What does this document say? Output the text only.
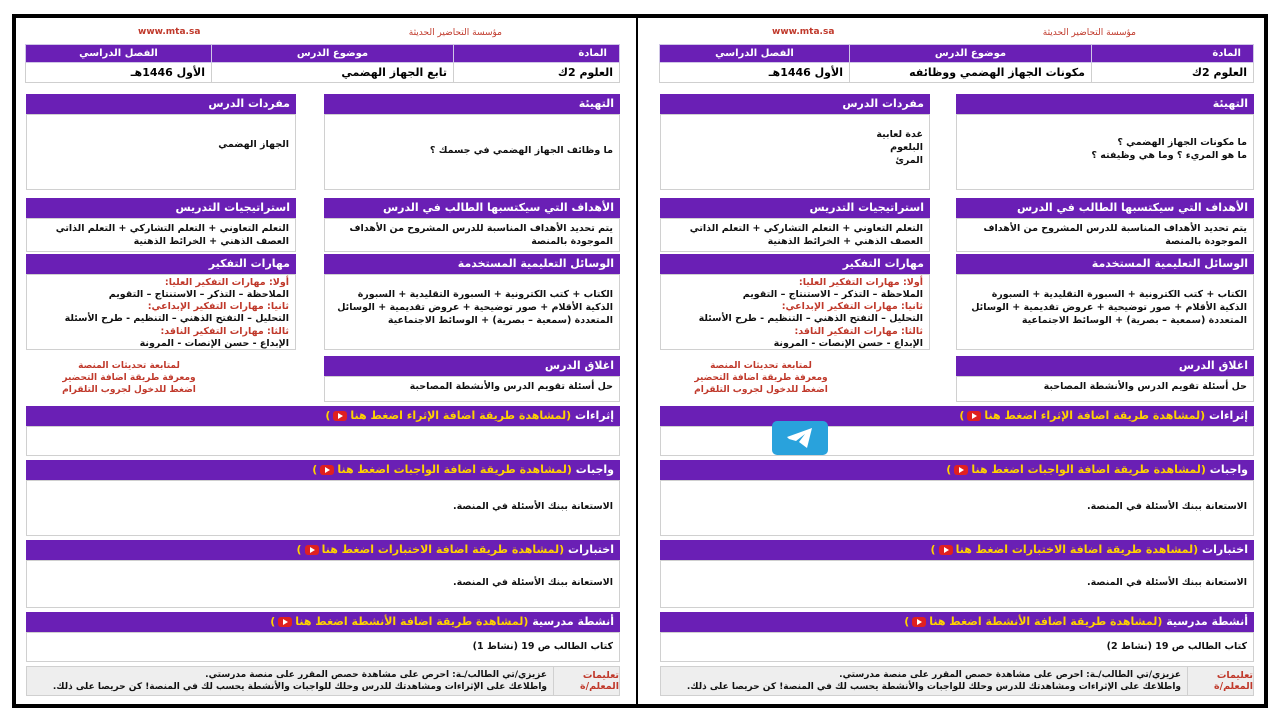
مؤسسة التحاضير الحديثة
www.mta.sa
المادة	موضوع الدرس	الفصل الدراسي
العلوم 2ك	مكونات الجهاز الهضمي ووظائفه	الأول 1446هـ
التهيئة
ما مكونات الجهاز الهضمي ؟
ما هو المريء ؟ وما هي وظيفته ؟
مفردات الدرس
غدة لعابية
البلعوم
المرئ
الأهداف التي سيكتسبها الطالب في الدرس
يتم تحديد الأهداف المناسبة للدرس المشروح من الأهداف الموجودة بالمنصة
استراتيجيات التدريس
التعلم التعاوني + التعلم التشاركي + التعلم الذاتي العصف الذهني + الخرائط الذهنية
الوسائل التعليمية المستخدمة
الكتاب + كتب الكترونية + السبورة التقليدية + السبورة الذكية الأقلام + صور توضيحية + عروض تقديمية + الوسائل المتعددة (سمعية – بصرية) + الوسائط الاجتماعية
مهارات التفكير
أولا: مهارات التفكير العليا:
الملاحظة – التذكر – الاستنتاج – التقويم
ثانيا: مهارات التفكير الإبداعي:
التحليل – التفتح الذهني – التنظيم - طرح الأسئلة
ثالثا: مهارات التفكير الناقد:
الإبداع - حسن الإنصات - المرونة
اغلاق الدرس
حل أسئلة تقويم الدرس والأنشطة المصاحبة
لمتابعة تحديثات المنصة
ومعرفة طريقة اضافة التحضير
اضغط للدخول لجروب التلقرام
إثراءات (لمشاهدة طريقة اضافة الإثراء اضغط هنا)
واجبات (لمشاهدة طريقة اضافة الواجبات اضغط هنا)
الاستعانة ببنك الأسئلة في المنصة.
اختبارات (لمشاهدة طريقة اضافة الاختبارات اضغط هنا)
الاستعانة ببنك الأسئلة في المنصة.
أنشطة مدرسية (لمشاهدة طريقة اضافة الأنشطة اضغط هنا)
كتاب الطالب ص 19 (نشاط 2)
تعليمات المعلم/ة
عزيزي/تي الطالب/ـة: احرص على مشاهدة حصص المقرر على منصة مدرستي.
واطلاعك على الإثراءات ومشاهدتك للدرس وحلك للواجبات والأنشطة يحسب لك في المنصة! كن حريصا على ذلك.
مؤسسة التحاضير الحديثة
www.mta.sa
المادة	موضوع الدرس	الفصل الدراسي
العلوم 2ك	تابع الجهاز الهضمي	الأول 1446هـ
التهيئة
ما وظائف الجهاز الهضمي في جسمك ؟
مفردات الدرس
الجهاز الهضمي
الأهداف التي سيكتسبها الطالب في الدرس
يتم تحديد الأهداف المناسبة للدرس المشروح من الأهداف الموجودة بالمنصة
استراتيجيات التدريس
التعلم التعاوني + التعلم التشاركي + التعلم الذاتي العصف الذهني + الخرائط الذهنية
الوسائل التعليمية المستخدمة
الكتاب + كتب الكترونية + السبورة التقليدية + السبورة الذكية الأقلام + صور توضيحية + عروض تقديمية + الوسائل المتعددة (سمعية – بصرية) + الوسائط الاجتماعية
مهارات التفكير
أولا: مهارات التفكير العليا:
الملاحظة – التذكر – الاستنتاج – التقويم
ثانيا: مهارات التفكير الإبداعي:
التحليل – التفتح الذهني – التنظيم - طرح الأسئلة
ثالثا: مهارات التفكير الناقد:
الإبداع - حسن الإنصات - المرونة
اغلاق الدرس
حل أسئلة تقويم الدرس والأنشطة المصاحبة
لمتابعة تحديثات المنصة
ومعرفة طريقة اضافة التحضير
اضغط للدخول لجروب التلقرام
إثراءات (لمشاهدة طريقة اضافة الإثراء اضغط هنا)
واجبات (لمشاهدة طريقة اضافة الواجبات اضغط هنا)
الاستعانة ببنك الأسئلة في المنصة.
اختبارات (لمشاهدة طريقة اضافة الاختبارات اضغط هنا)
الاستعانة ببنك الأسئلة في المنصة.
أنشطة مدرسية (لمشاهدة طريقة اضافة الأنشطة اضغط هنا)
كتاب الطالب ص 19 (نشاط 1)
تعليمات المعلم/ة
عزيزي/تي الطالب/ـة: احرص على مشاهدة حصص المقرر على منصة مدرستي.
واطلاعك على الإثراءات ومشاهدتك للدرس وحلك للواجبات والأنشطة يحسب لك في المنصة! كن حريصا على ذلك.
